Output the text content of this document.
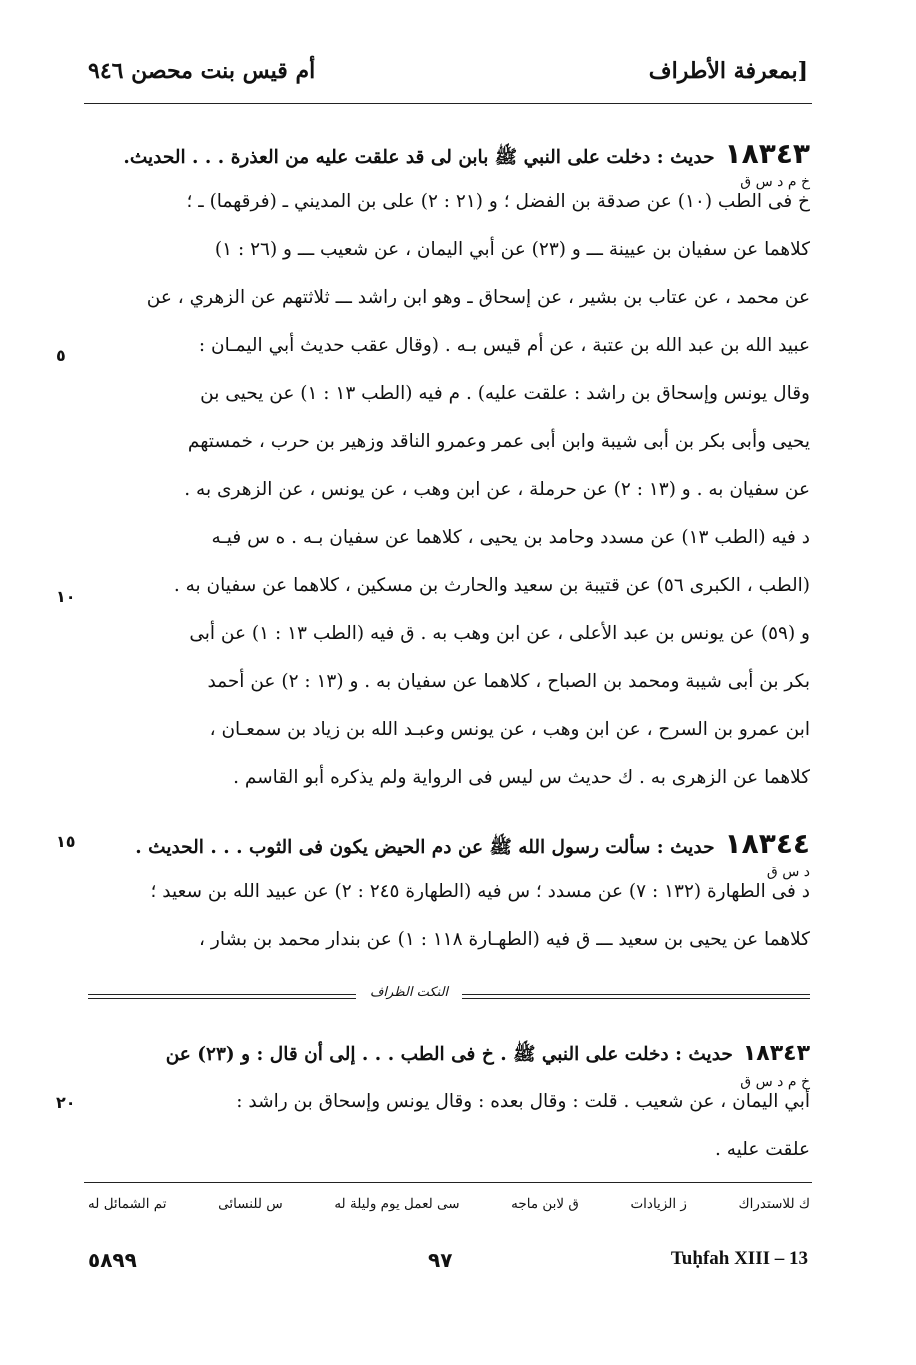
بمعرفة الأطراف]
أم قيس بنت محصن ٩٤٦
١٨٣٤٣حديث : دخلت على النبي ﷺ بابن لى قد علقت عليه من العذرة . . . الحديث.
خ فى الطب (١٠) عن صدقة بن الفضل ؛ و (٢١ : ٢) على بن المديني ـ (فرقهما) ـ ؛
كلاهما عن سفيان بن عيينة ـــ و (٢٣) عن أبي اليمان ، عن شعيب ـــ و (٢٦ : ١)
عن محمد ، عن عتاب بن بشير ، عن إسحاق ـ وهو ابن راشد ـــ ثلاثتهم عن الزهري ، عن
عبيد الله بن عبد الله بن عتبة ، عن أم قيس بـه . (وقال عقب حديث أبي اليمـان :
وقال يونس وإسحاق بن راشد : علقت عليه) . م فيه (الطب ١٣ : ١) عن يحيى بن
يحيى وأبى بكر بن أبى شيبة وابن أبى عمر وعمرو الناقد وزهير بن حرب ، خمستهم
عن سفيان به . و (١٣ : ٢) عن حرملة ، عن ابن وهب ، عن يونس ، عن الزهرى به .
د فيه (الطب ١٣) عن مسدد وحامد بن يحيى ، كلاهما عن سفيان بـه . ه س فيـه
(الطب ، الكبرى ٥٦) عن قتيبة بن سعيد والحارث بن مسكين ، كلاهما عن سفيان به .
و (٥٩) عن يونس بن عبد الأعلى ، عن ابن وهب به . ق فيه (الطب ١٣ : ١) عن أبى
بكر بن أبى شيبة ومحمد بن الصباح ، كلاهما عن سفيان به . و (١٣ : ٢) عن أحمد
ابن عمرو بن السرح ، عن ابن وهب ، عن يونس وعبـد الله بن زياد بن سمعـان ،
كلاهما عن الزهرى به . ك حديث س ليس فى الرواية ولم يذكره أبو القاسم .
خ م د س ق
١٨٣٤٤حديث : سألت رسول الله ﷺ عن دم الحيض يكون فى الثوب . . . الحديث .
د فى الطهارة (١٣٢ : ٧) عن مسدد ؛ س فيه (الطهارة ٢٤٥ : ٢) عن عبيد الله بن سعيد ؛
كلاهما عن يحيى بن سعيد ـــ ق فيه (الطهـارة ١١٨ : ١) عن بندار محمد بن بشار ،
د س ق
٥
١٠
١٥
٢٠
النكت الظراف
١٨٣٤٣حديث : دخلت على النبي ﷺ . خ فى الطب . . . إلى أن قال : و (٢٣) عن
أبي اليمان ، عن شعيب . قلت : وقال بعده : وقال يونس وإسحاق بن راشد :
علقت عليه .
خ م د س ق
تم الشمائل له	س للنسائى	سى لعمل يوم وليلة له	ق لابن ماجه	ز الزيادات	ك للاستدراك
٥٨٩٩	٩٧	Tuḥfah XIII – 13
